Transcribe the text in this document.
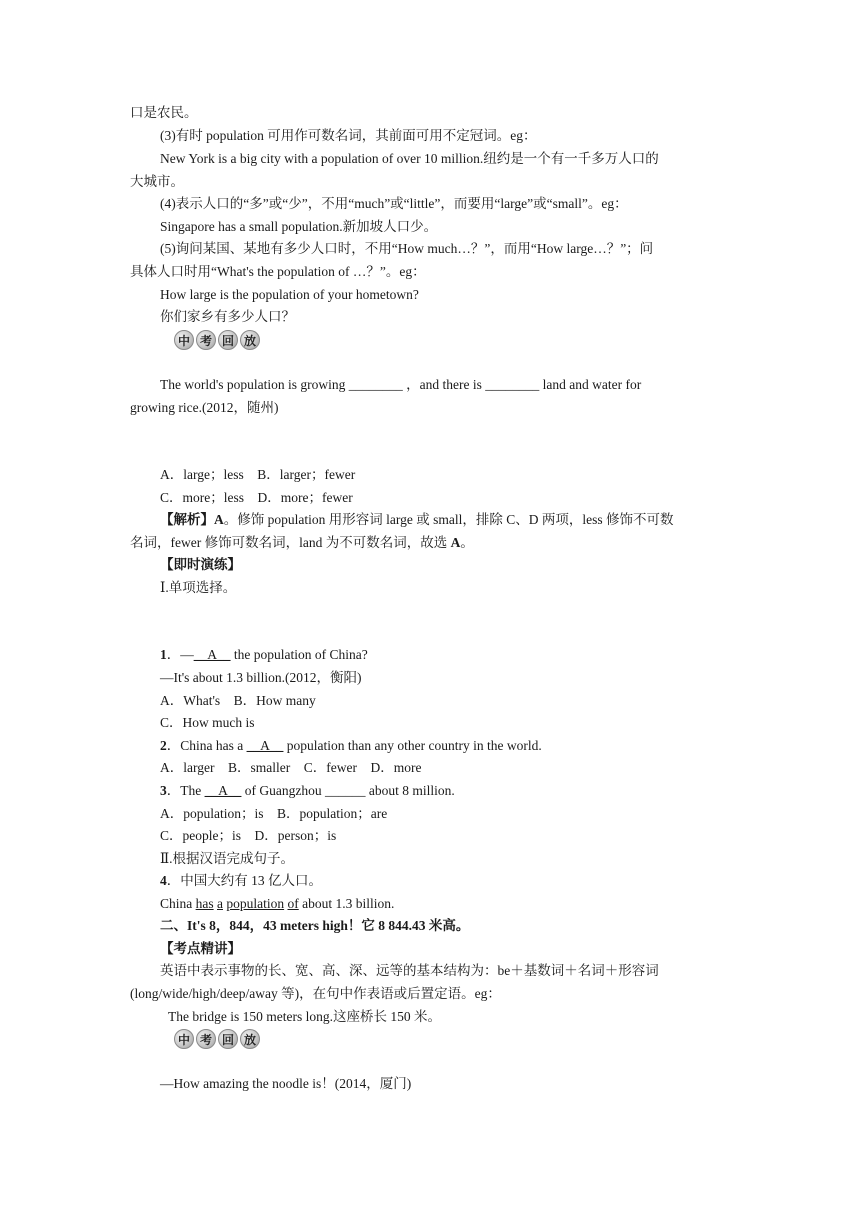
口是农民。
(3)有时 population 可用作可数名词，其前面可用不定冠词。eg：
New York is a big city with a population of over 10 million.纽约是一个有一千多万人口的
大城市。
(4)表示人口的“多”或“少”，不用“much”或“little”，而要用“large”或“small”。eg：
Singapore has a small population.新加坡人口少。
(5)询问某国、某地有多少人口时，不用“How much…？”，而用“How large…？”；问
具体人口时用“What's the population of …？”。eg：
How large is the population of your hometown?
你们家乡有多少人口？
中 考 回 放
The world's population is growing ________ ，and there is ________ land and water for
growing rice.(2012，随州)
A．large；less　B．larger；fewer
C．more；less　D．more；fewer
【解析】A。修饰 population 用形容词 large 或 small，排除 C、D 两项，less 修饰不可数
名词，fewer 修饰可数名词，land 为不可数名词，故选 A。
【即时演练】
Ⅰ.单项选择。
1．—__A__ the population of China?
—It's about 1.3 billion.(2012，衡阳)
A．What's　B．How many
C．How much is
2．China has a __A__ population than any other country in the world.
A．larger　B．smaller　C．fewer　D．more
3．The __A__ of Guangzhou ______ about 8 million.
A．population；is　B．population；are
C．people；is　D．person；is
Ⅱ.根据汉语完成句子。
4．中国大约有 13 亿人口。
China has a population of about 1.3 billion.
二、It's 8，844，43 meters high！它 8 844.43 米高。
【考点精讲】
英语中表示事物的长、宽、高、深、远等的基本结构为：be＋基数词＋名词＋形容词
(long/wide/high/deep/away 等)，在句中作表语或后置定语。eg：
The bridge is 150 meters long.这座桥长 150 米。
中 考 回 放
—How amazing the noodle is！(2014，厦门)
